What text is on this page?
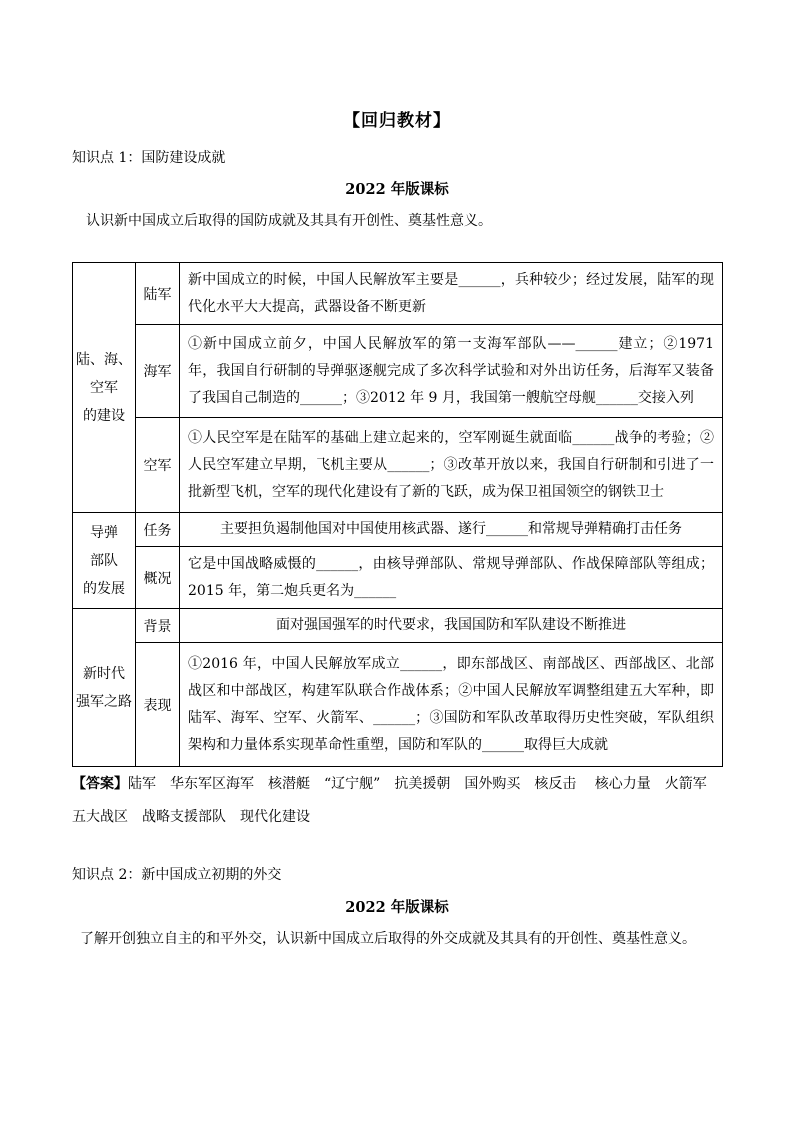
【回归教材】
知识点 1：国防建设成就
2022 年版课标
认识新中国成立后取得的国防成就及其具有开创性、奠基性意义。
陆、海、
空军
的建设	陆军	新中国成立的时候，中国人民解放军主要是______，兵种较少；经过发展，陆军的现代化水平大大提高，武器设备不断更新
	海军	①新中国成立前夕，中国人民解放军的第一支海军部队——______建立；②1971 年，我国自行研制的导弹驱逐舰完成了多次科学试验和对外出访任务，后海军又装备了我国自己制造的______；③2012 年 9 月，我国第一艘航空母舰______交接入列
	空军	①人民空军是在陆军的基础上建立起来的，空军刚诞生就面临______战争的考验；②人民空军建立早期，飞机主要从______；③改革开放以来，我国自行研制和引进了一批新型飞机，空军的现代化建设有了新的飞跃，成为保卫祖国领空的钢铁卫士

导弹
部队
的发展	任务	主要担负遏制他国对中国使用核武器、遂行______和常规导弹精确打击任务
	概况	它是中国战略威慑的______，由核导弹部队、常规导弹部队、作战保障部队等组成；2015 年，第二炮兵更名为______

新时代
强军之路	背景	面对强国强军的时代要求，我国国防和军队建设不断推进
	表现	①2016 年，中国人民解放军成立______，即东部战区、南部战区、西部战区、北部战区和中部战区，构建军队联合作战体系；②中国人民解放军调整组建五大军种，即陆军、海军、空军、火箭军、______；③国防和军队改革取得历史性突破，军队组织架构和力量体系实现革命性重塑，国防和军队的______取得巨大成就
【答案】陆军　华东军区海军　核潜艇　“辽宁舰”　抗美援朝　国外购买　核反击　 核心力量　火箭军
五大战区　战略支援部队　现代化建设
知识点 2：新中国成立初期的外交
2022 年版课标
了解开创独立自主的和平外交，认识新中国成立后取得的外交成就及其具有的开创性、奠基性意义。
